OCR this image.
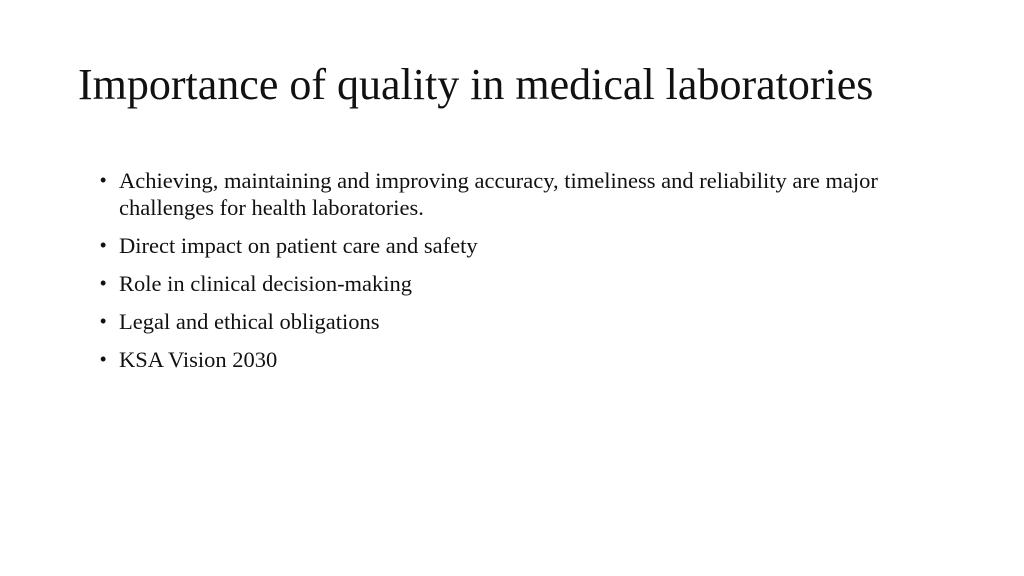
Importance of quality in medical laboratories
• Achieving, maintaining and improving accuracy, timeliness and reliability are major challenges for health laboratories.
• Direct impact on patient care and safety
• Role in clinical decision-making
• Legal and ethical obligations
• KSA Vision 2030
